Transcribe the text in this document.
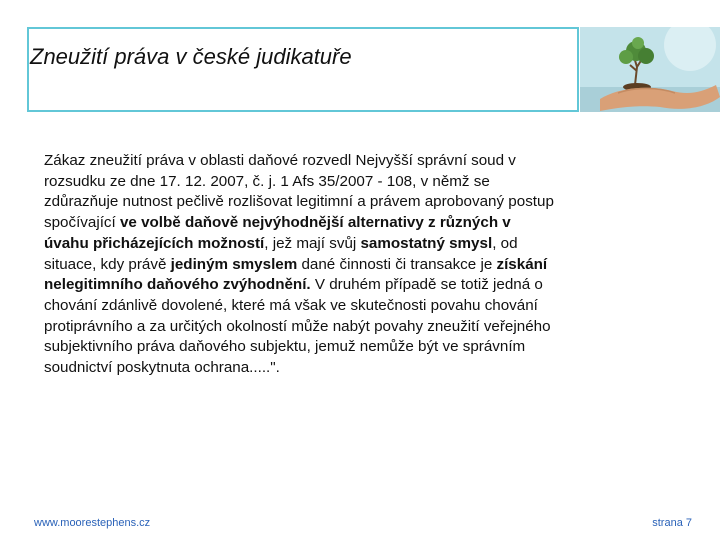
Zneužití práva v české judikatuře
Zákaz zneužití práva v oblasti daňové rozvedl Nejvyšší správní soud v
rozsudku ze dne 17. 12. 2007, č. j. 1 Afs 35/2007 - 108, v němž se
zdůrazňuje nutnost pečlivě rozlišovat legitimní a právem aprobovaný postup
spočívající ve volbě daňově nejvýhodnější alternativy z různých v
úvahu přicházejících možností, jež mají svůj samostatný smysl, od
situace, kdy právě jediným smyslem dané činnosti či transakce je získání
nelegitimního daňového zvýhodnění. V druhém případě se totiž jedná o
chování zdánlivě dovolené, které má však ve skutečnosti povahu chování
protiprávního a za určitých okolností může nabýt povahy zneužití veřejného
subjektivního práva daňového subjektu, jemuž nemůže být ve správním
soudnictví poskytnuta ochrana.....".
www.moorestephens.cz	strana 7
